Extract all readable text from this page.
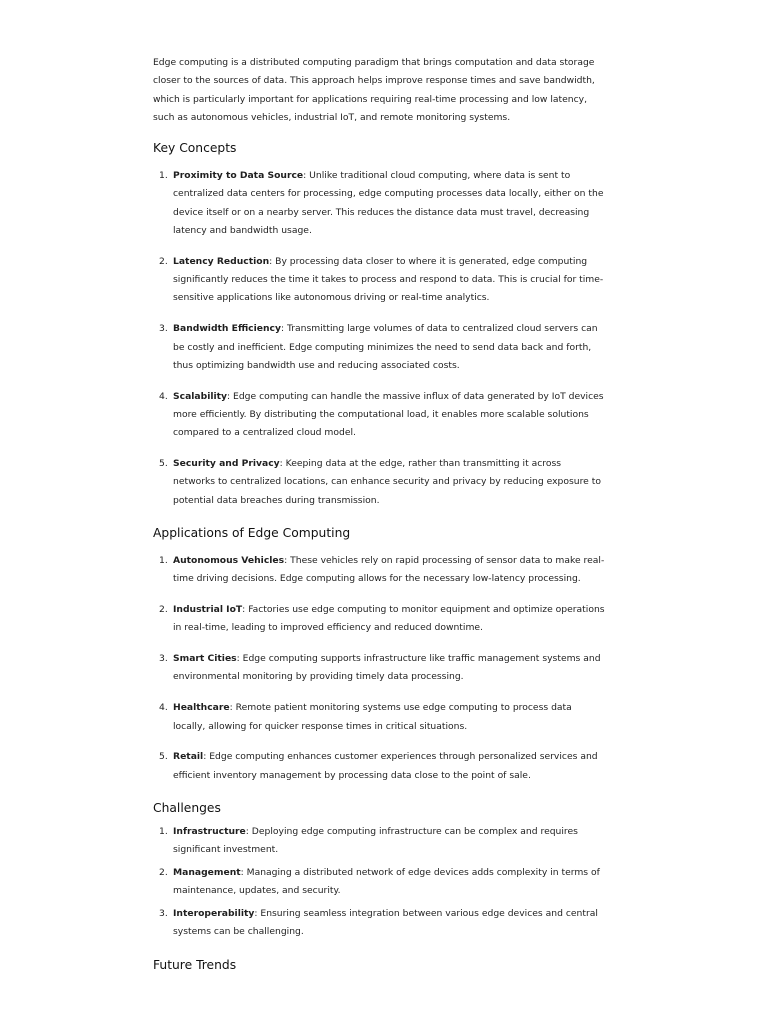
Edge computing is a distributed computing paradigm that brings computation and data storage closer to the sources of data. This approach helps improve response times and save bandwidth, which is particularly important for applications requiring real-time processing and low latency, such as autonomous vehicles, industrial IoT, and remote monitoring systems.

Key Concepts
1. Proximity to Data Source: Unlike traditional cloud computing, where data is sent to centralized data centers for processing, edge computing processes data locally, either on the device itself or on a nearby server. This reduces the distance data must travel, decreasing latency and bandwidth usage.
2. Latency Reduction: By processing data closer to where it is generated, edge computing significantly reduces the time it takes to process and respond to data. This is crucial for time-sensitive applications like autonomous driving or real-time analytics.
3. Bandwidth Efficiency: Transmitting large volumes of data to centralized cloud servers can be costly and inefficient. Edge computing minimizes the need to send data back and forth, thus optimizing bandwidth use and reducing associated costs.
4. Scalability: Edge computing can handle the massive influx of data generated by IoT devices more efficiently. By distributing the computational load, it enables more scalable solutions compared to a centralized cloud model.
5. Security and Privacy: Keeping data at the edge, rather than transmitting it across networks to centralized locations, can enhance security and privacy by reducing exposure to potential data breaches during transmission.
Applications of Edge Computing
1. Autonomous Vehicles: These vehicles rely on rapid processing of sensor data to make real-time driving decisions. Edge computing allows for the necessary low-latency processing.
2. Industrial IoT: Factories use edge computing to monitor equipment and optimize operations in real-time, leading to improved efficiency and reduced downtime.
3. Smart Cities: Edge computing supports infrastructure like traffic management systems and environmental monitoring by providing timely data processing.
4. Healthcare: Remote patient monitoring systems use edge computing to process data locally, allowing for quicker response times in critical situations.
5. Retail: Edge computing enhances customer experiences through personalized services and efficient inventory management by processing data close to the point of sale.
Challenges
1. Infrastructure: Deploying edge computing infrastructure can be complex and requires significant investment.
2. Management: Managing a distributed network of edge devices adds complexity in terms of maintenance, updates, and security.
3. Interoperability: Ensuring seamless integration between various edge devices and central systems can be challenging.
Future Trends
